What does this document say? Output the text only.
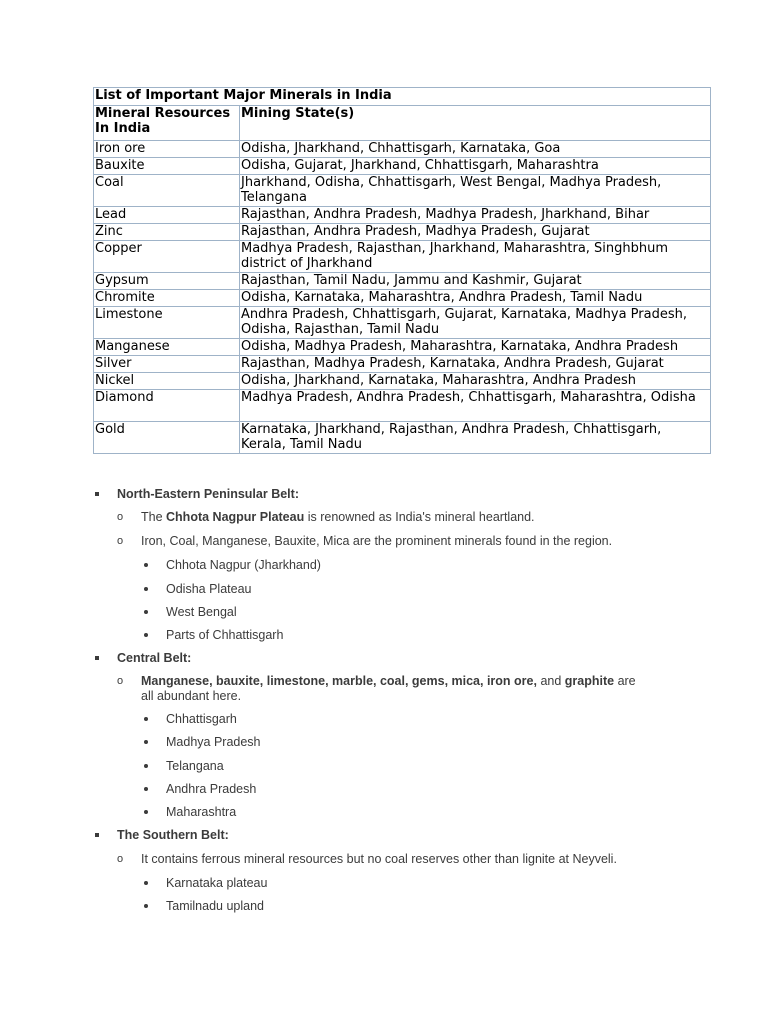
List of Important Major Minerals in India	
Mineral Resources In India	Mining State(s)
Iron ore	Odisha, Jharkhand, Chhattisgarh, Karnataka, Goa
Bauxite	Odisha, Gujarat, Jharkhand, Chhattisgarh, Maharashtra
Coal	Jharkhand, Odisha, Chhattisgarh, West Bengal, Madhya Pradesh, Telangana
Lead	Rajasthan, Andhra Pradesh, Madhya Pradesh, Jharkhand, Bihar
Zinc	Rajasthan, Andhra Pradesh, Madhya Pradesh, Gujarat
Copper	Madhya Pradesh, Rajasthan, Jharkhand, Maharashtra, Singhbhum district of Jharkhand
Gypsum	Rajasthan, Tamil Nadu, Jammu and Kashmir, Gujarat
Chromite	Odisha, Karnataka, Maharashtra, Andhra Pradesh, Tamil Nadu
Limestone	Andhra Pradesh, Chhattisgarh, Gujarat, Karnataka, Madhya Pradesh, Odisha, Rajasthan, Tamil Nadu
Manganese	Odisha, Madhya Pradesh, Maharashtra, Karnataka, Andhra Pradesh
Silver	Rajasthan, Madhya Pradesh, Karnataka, Andhra Pradesh, Gujarat
Nickel	Odisha, Jharkhand, Karnataka, Maharashtra, Andhra Pradesh
Diamond	Madhya Pradesh, Andhra Pradesh, Chhattisgarh, Maharashtra, Odisha
Gold	Karnataka, Jharkhand, Rajasthan, Andhra Pradesh, Chhattisgarh, Kerala, Tamil Nadu

North-Eastern Peninsular Belt:

o The Chhota Nagpur Plateau is renowned as India's mineral heartland.

o Iron, Coal, Manganese, Bauxite, Mica are the prominent minerals found in the region.

Chhota Nagpur (Jharkhand)

Odisha Plateau

West Bengal

Parts of Chhattisgarh

Central Belt:

o Manganese, bauxite, limestone, marble, coal, gems, mica, iron ore, and graphite are

all abundant here.

Chhattisgarh

Madhya Pradesh

Telangana

Andhra Pradesh

Maharashtra

The Southern Belt:

o It contains ferrous mineral resources but no coal reserves other than lignite at Neyveli.

Karnataka plateau

Tamilnadu upland
